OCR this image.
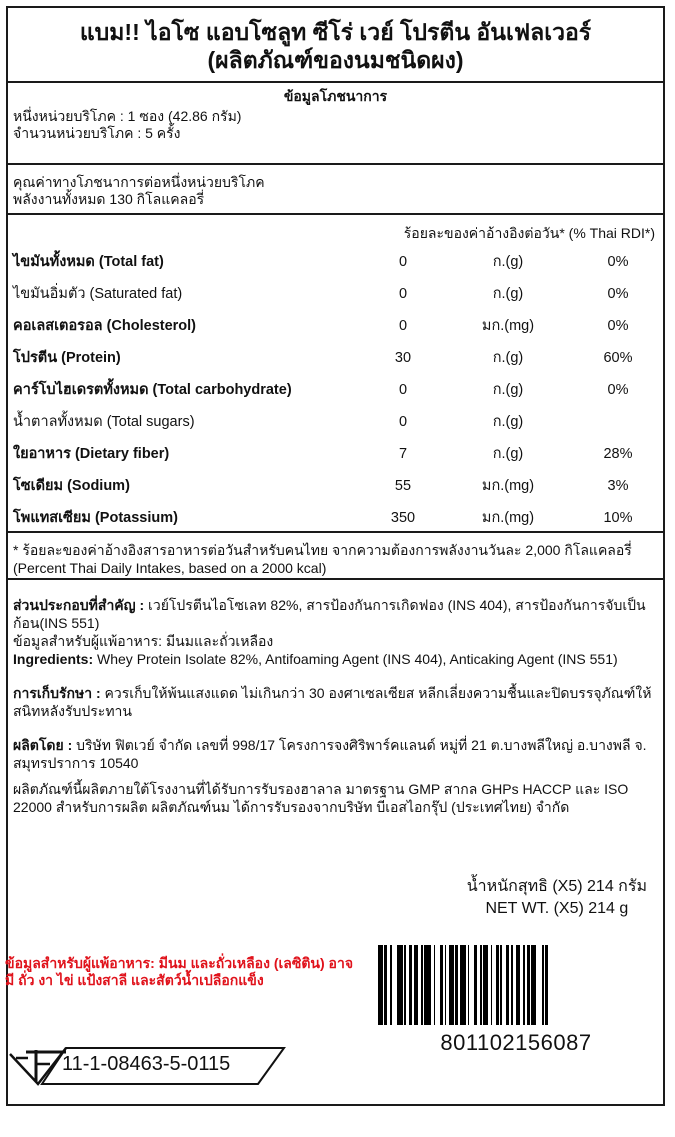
แบม!! ไอโซ แอบโซลูท ซีโร่ เวย์ โปรตีน อันเฟลเวอร์
(ผลิตภัณฑ์ของนมชนิดผง)
ข้อมูลโภชนาการ
หนึ่งหน่วยบริโภค : 1 ซอง (42.86 กรัม)
จำนวนหน่วยบริโภค : 5 ครั้ง
คุณค่าทางโภชนาการต่อหนึ่งหน่วยบริโภค
พลังงานทั้งหมด 130 กิโลแคลอรี่
ร้อยละของค่าอ้างอิงต่อวัน* (% Thai RDI*)
ไขมันทั้งหมด (Total fat)	0	ก.(g)	0%
ไขมันอิ่มตัว (Saturated fat)	0	ก.(g)	0%
คอเลสเตอรอล (Cholesterol)	0	มก.(mg)	0%
โปรตีน (Protein)	30	ก.(g)	60%
คาร์โบไฮเดรตทั้งหมด (Total carbohydrate)	0	ก.(g)	0%
น้ำตาลทั้งหมด (Total sugars)	0	ก.(g)
ใยอาหาร (Dietary fiber)	7	ก.(g)	28%
โซเดียม (Sodium)	55	มก.(mg)	3%
โพแทสเซียม (Potassium)	350	มก.(mg)	10%
* ร้อยละของค่าอ้างอิงสารอาหารต่อวันสำหรับคนไทย จากความต้องการพลังงานวันละ 2,000 กิโลแคลอรี่ (Percent Thai Daily Intakes, based on a 2000 kcal)

ส่วนประกอบที่สำคัญ : เวย์โปรตีนไอโซเลท 82%, สารป้องกันการเกิดฟอง (INS 404), สารป้องกันการจับเป็นก้อน(INS 551)

ข้อมูลสำหรับผู้แพ้อาหาร: มีนมและถั่วเหลือง

Ingredients: Whey Protein Isolate 82%, Antifoaming Agent (INS 404), Anticaking Agent (INS 551)

การเก็บรักษา : ควรเก็บให้พ้นแสงแดด ไม่เกินกว่า 30 องศาเซลเซียส หลีกเลี่ยงความชื้นและปิดบรรจุภัณฑ์ให้สนิทหลังรับประทาน

ผลิตโดย : บริษัท ฟิตเวย์ จำกัด เลขที่ 998/17 โครงการจงศิริพาร์คแลนด์ หมู่ที่ 21 ต.บางพลีใหญ่ อ.บางพลี จ. สมุทรปราการ 10540

ผลิตภัณฑ์นี้ผลิตภายใต้โรงงานที่ได้รับการรับรองฮาลาล มาตรฐาน GMP สากล GHPs HACCP และ ISO 22000 สำหรับการผลิต ผลิตภัณฑ์นม ได้การรับรองจากบริษัท บีเอสไอกรุ๊ป (ประเทศไทย) จำกัด

น้ำหนักสุทธิ (X5) 214 กรัม
NET WT. (X5) 214 g
ข้อมูลสำหรับผู้แพ้อาหาร: มีนม และถั่วเหลือง (เลซิติน) อาจมี ถั่ว งา ไข่ แป้งสาลี และสัตว์น้ำเปลือกแข็ง
801102156087
11-1-08463-5-0115
